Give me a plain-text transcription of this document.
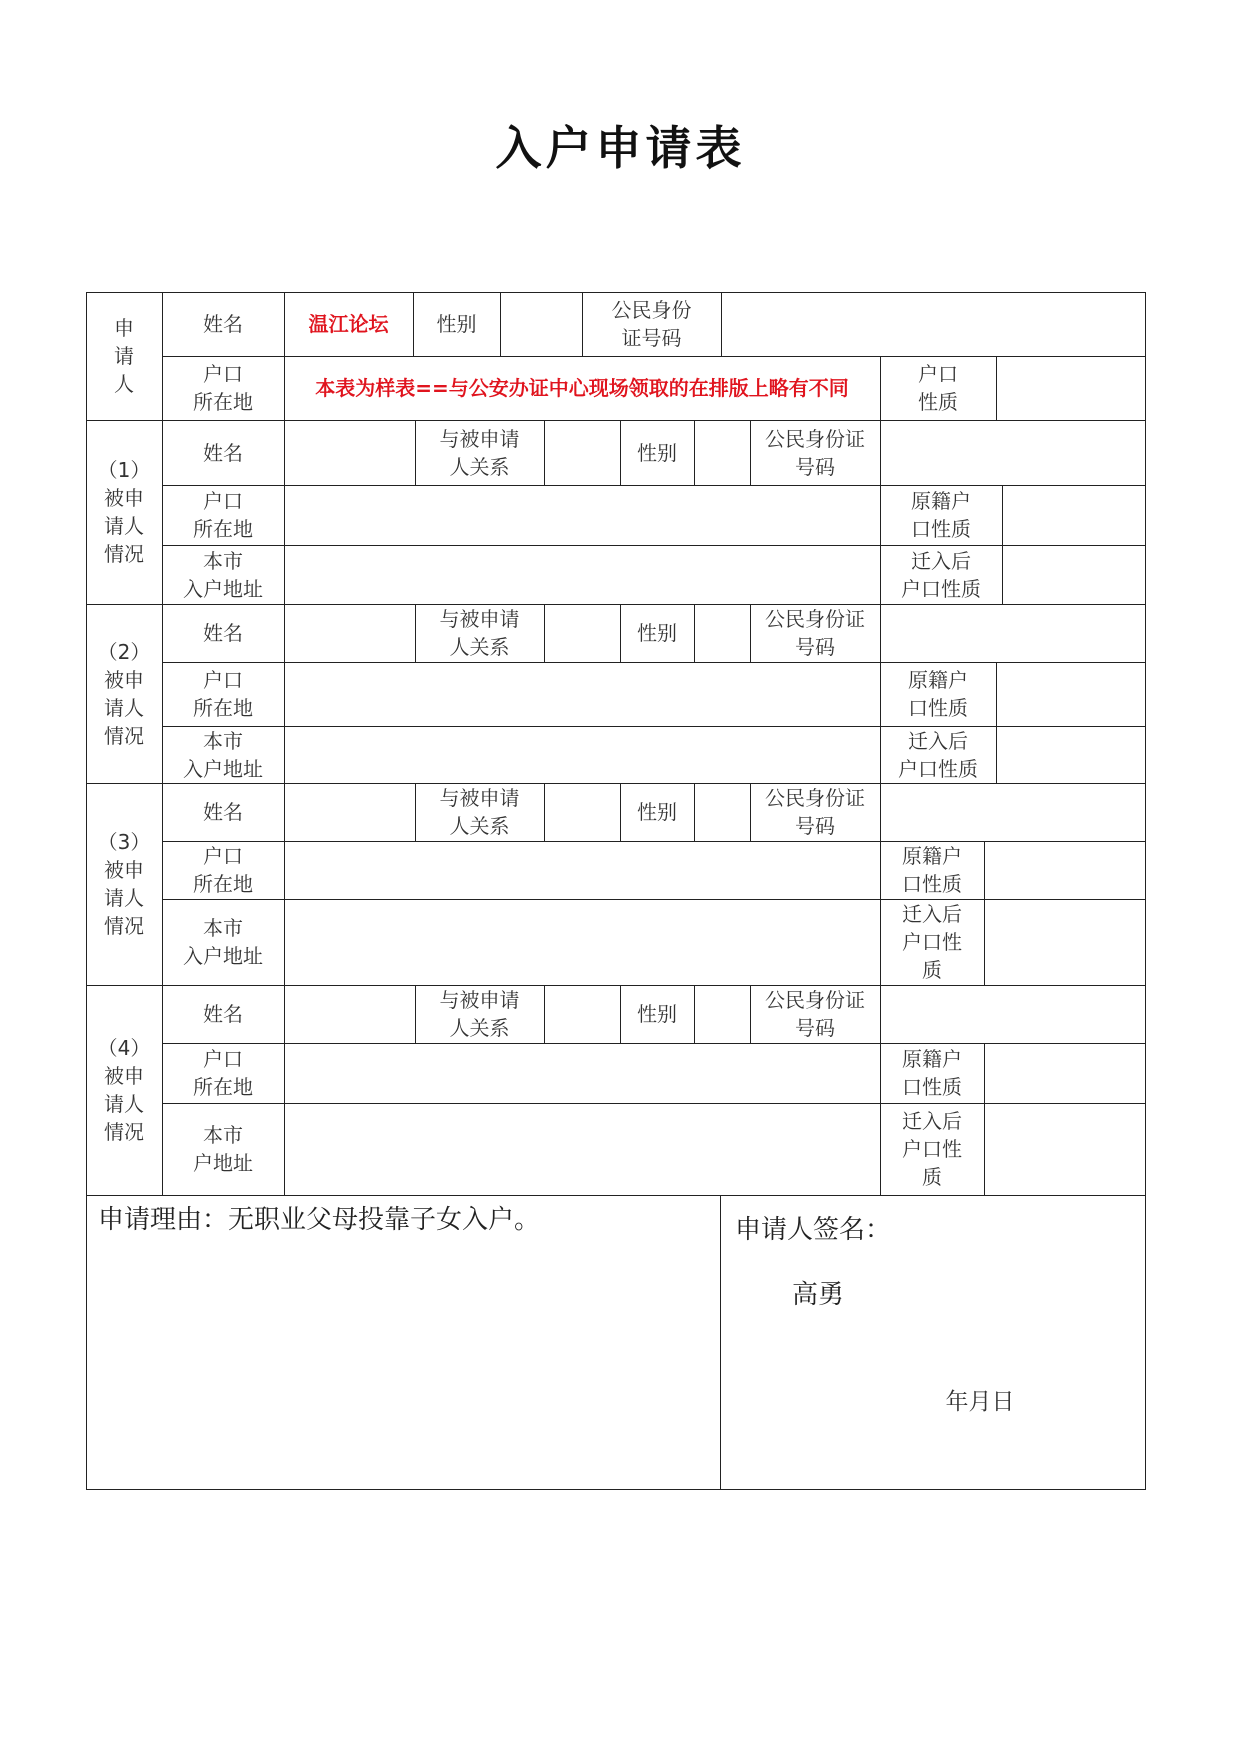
入户申请表
申
请
人
姓名	温江论坛 性别
公民身份
证号码
户口
所在地
本表为样表==与公安办证中心现场领取的在排版上略有不同
户口
性质
（1）
被申
请人
情况
姓名
与被申请
人关系
性别
公民身份证
号码
户口
所在地
原籍户
口性质
本市
入户地址
迁入后
户口性质
（2）
被申
请人
情况
姓名
与被申请
人关系
性别
公民身份证
号码
户口
所在地
原籍户
口性质
本市
入户地址
迁入后
户口性质
（3）
被申
请人
情况
姓名
与被申请
人关系
性别
公民身份证
号码
户口
所在地
原籍户
口性质
本市
入户地址
迁入后
户口性
质
（4）
被申
请人
情况
姓名
与被申请
人关系
性别
公民身份证
号码
户口
所在地
原籍户
口性质
本市
户地址
迁入后
户口性
质
申请理由：无职业父母投靠子女入户。	申请人签名：
高勇
年月日
